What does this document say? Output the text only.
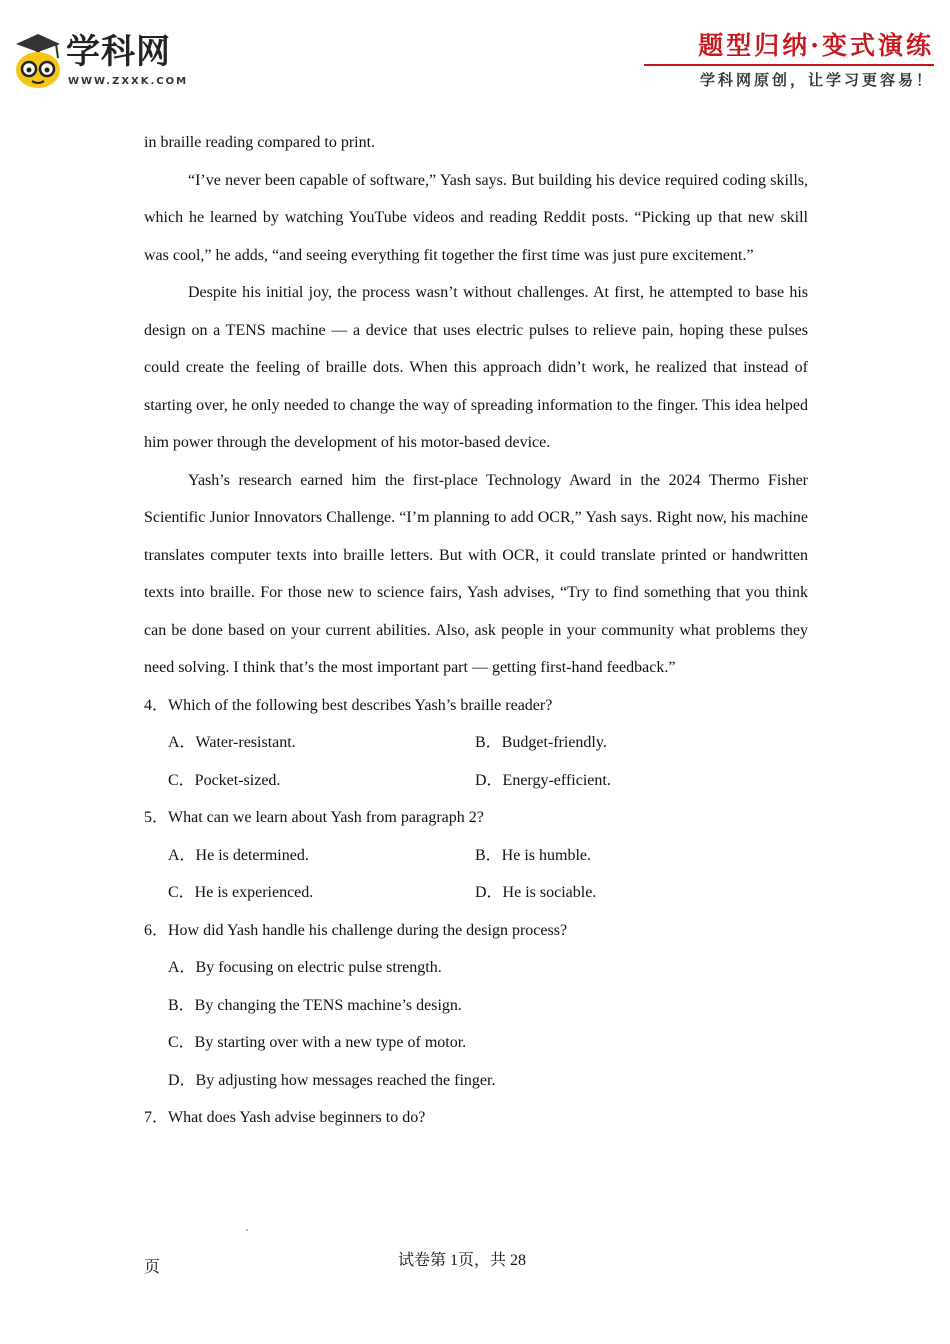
学科网
WWW.ZXXK.COM
题型归纳·变式演练
学科网原创，让学习更容易！

in braille reading compared to print.

“I’ve never been capable of software,” Yash says. But building his device required coding skills, which he learned by watching YouTube videos and reading Reddit posts. “Picking up that new skill was cool,” he adds, “and seeing everything fit together the first time was just pure excitement.”

Despite his initial joy, the process wasn’t without challenges. At first, he attempted to base his design on a TENS machine — a device that uses electric pulses to relieve pain, hoping these pulses could create the feeling of braille dots. When this approach didn’t work, he realized that instead of starting over, he only needed to change the way of spreading information to the finger. This idea helped him power through the development of his motor-based device.

Yash’s research earned him the first-place Technology Award in the 2024 Thermo Fisher Scientific Junior Innovators Challenge. “I’m planning to add OCR,” Yash says. Right now, his machine translates computer texts into braille letters. But with OCR, it could translate printed or handwritten texts into braille. For those new to science fairs, Yash advises, “Try to find something that you think can be done based on your current abilities. Also, ask people in your community what problems they need solving. I think that’s the most important part — getting first-hand feedback.”

4．Which of the following best describes Yash’s braille reader?

A．Water-resistant.	B．Budget-friendly.
C．Pocket-sized.	D．Energy-efficient.

5．What can we learn about Yash from paragraph 2?

A．He is determined.	B．He is humble.
C．He is experienced.	D．He is sociable.

6．How did Yash handle his challenge during the design process?

A．By focusing on electric pulse strength.
B．By changing the TENS machine’s design.
C．By starting over with a new type of motor.
D．By adjusting how messages reached the finger.

7．What does Yash advise beginners to do?

页	试卷第 1页，共 28
